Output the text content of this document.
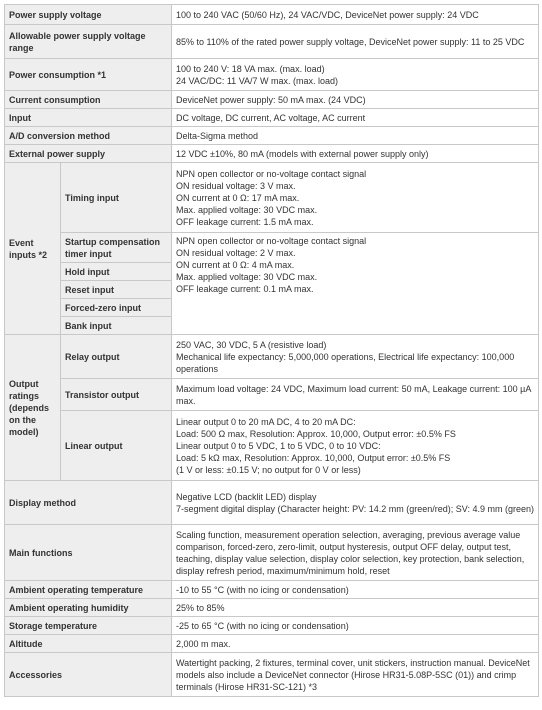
Power supply voltage		100 to 240 VAC (50/60 Hz), 24 VAC/VDC, DeviceNet power supply: 24 VDC
Allowable power supply voltage range		85% to 110% of the rated power supply voltage, DeviceNet power supply: 11 to 25 VDC
Power consumption *1		100 to 240 V: 18 VA max. (max. load)
24 VAC/DC: 11 VA/7 W max. (max. load)

Current consumption		DeviceNet power supply: 50 mA max. (24 VDC)
Input		DC voltage, DC current, AC voltage, AC current
A/D conversion method		Delta-Sigma method
External power supply		12 VDC ±10%, 80 mA (models with external power supply only)
Event inputs *2	Timing input	NPN open collector or no-voltage contact signal
ON residual voltage: 3 V max.
ON current at 0 Ω: 17 mA max.
Max. applied voltage: 30 VDC max.
OFF leakage current: 1.5 mA max.

	Startup compensation timer input	NPN open collector or no-voltage contact signal
ON residual voltage: 2 V max.
ON current at 0 Ω: 4 mA max.
Max. applied voltage: 30 VDC max.
OFF leakage current: 0.1 mA max.

	Hold input	
	Reset input	
	Forced-zero input	
	Bank input	
Output ratings (depends on the model)	Relay output	250 VAC, 30 VDC, 5 A (resistive load)
Mechanical life expectancy: 5,000,000 operations, Electrical life expectancy: 100,000 operations

	Transistor output	Maximum load voltage: 24 VDC, Maximum load current: 50 mA, Leakage current: 100 µA max.
	Linear output	Linear output 0 to 20 mA DC, 4 to 20 mA DC:
Load: 500 Ω max, Resolution: Approx. 10,000, Output error: ±0.5% FS
Linear output 0 to 5 VDC, 1 to 5 VDC, 0 to 10 VDC:
Load: 5 kΩ max, Resolution: Approx. 10,000, Output error: ±0.5% FS
(1 V or less: ±0.15 V; no output for 0 V or less)

Display method		Negative LCD (backlit LED) display
7-segment digital display (Character height: PV: 14.2 mm (green/red); SV: 4.9 mm (green)

Main functions		Scaling function, measurement operation selection, averaging, previous average value comparison, forced-zero, zero-limit, output hysteresis, output OFF delay, output test, teaching, display value selection, display color selection, key protection, bank selection, display refresh period, maximum/minimum hold, reset
Ambient operating temperature		-10 to 55 °C (with no icing or condensation)
Ambient operating humidity		25% to 85%
Storage temperature		-25 to 65 °C (with no icing or condensation)
Altitude		2,000 m max.
Accessories		Watertight packing, 2 fixtures, terminal cover, unit stickers, instruction manual. DeviceNet models also include a DeviceNet connector (Hirose HR31-5.08P-5SC (01)) and crimp terminals (Hirose HR31-SC-121) *3
